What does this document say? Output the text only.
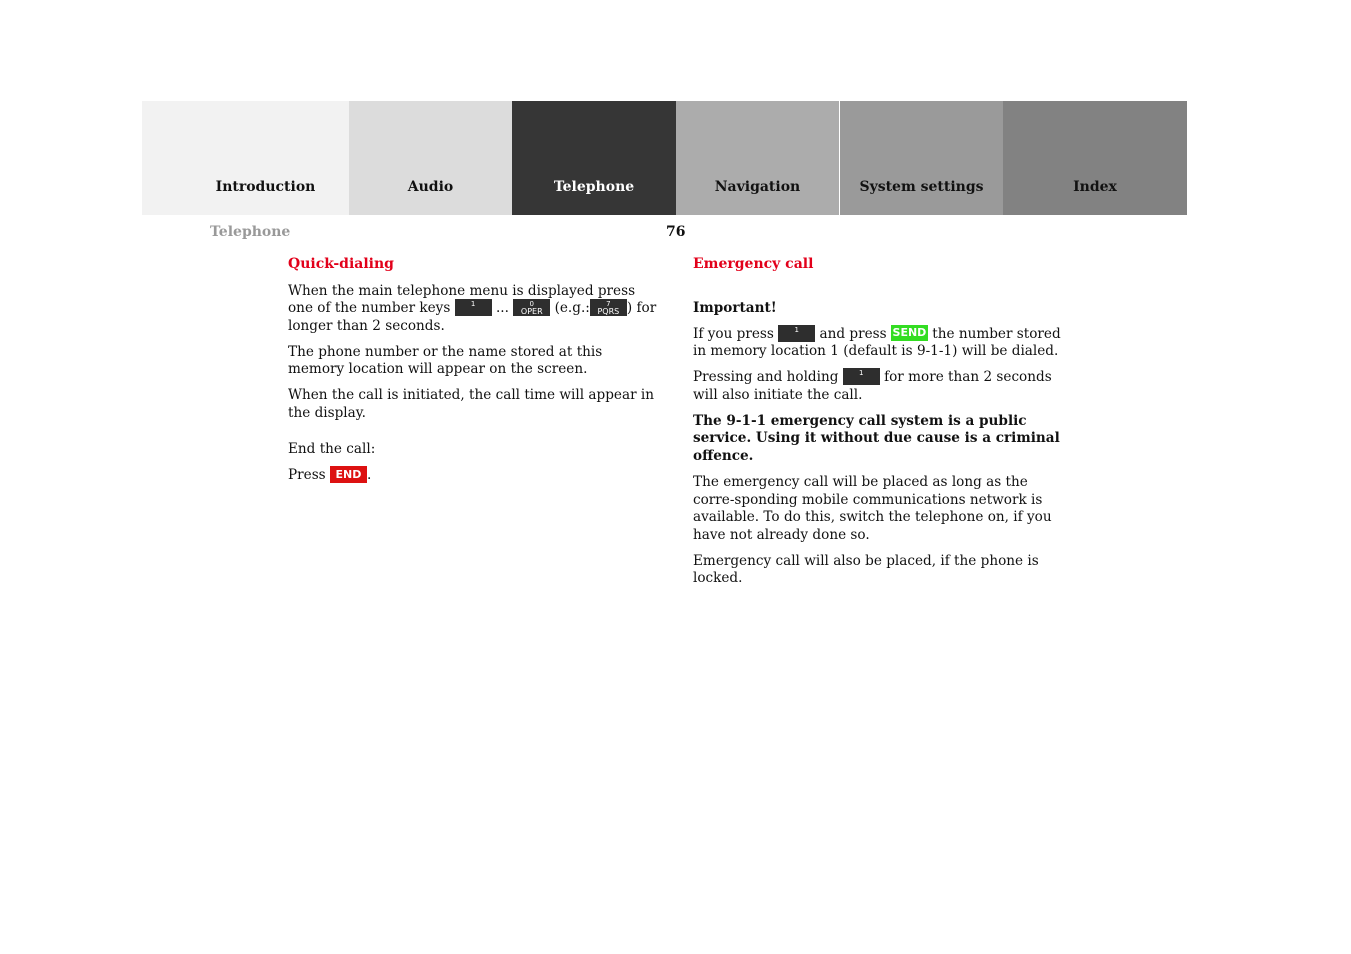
Introduction	Audio	Telephone	Navigation	System settings	Index
Telephone	76
Quick-dialing

When the main telephone menu is displayed press one of the number keys	1	...	0
OPER (e.g.:	7
PQRS ) for longer than 2 seconds.

The phone number or the name stored at this memory location will appear on the screen.

When the call is initiated, the call time will appear in the display.

End the call:

Press END .

Emergency call

Important!

If you press	1	and press SEND the number stored in memory location 1 (default is 9-1-1) will be dialed.

Pressing and holding	1	for more than 2 seconds will also initiate the call.

The 9-1-1 emergency call system is a public service. Using it without due cause is a criminal offence.

The emergency call will be placed as long as the corre-sponding mobile communications network is available. To do this, switch the telephone on, if you have not already done so.

Emergency call will also be placed, if the phone is locked.
